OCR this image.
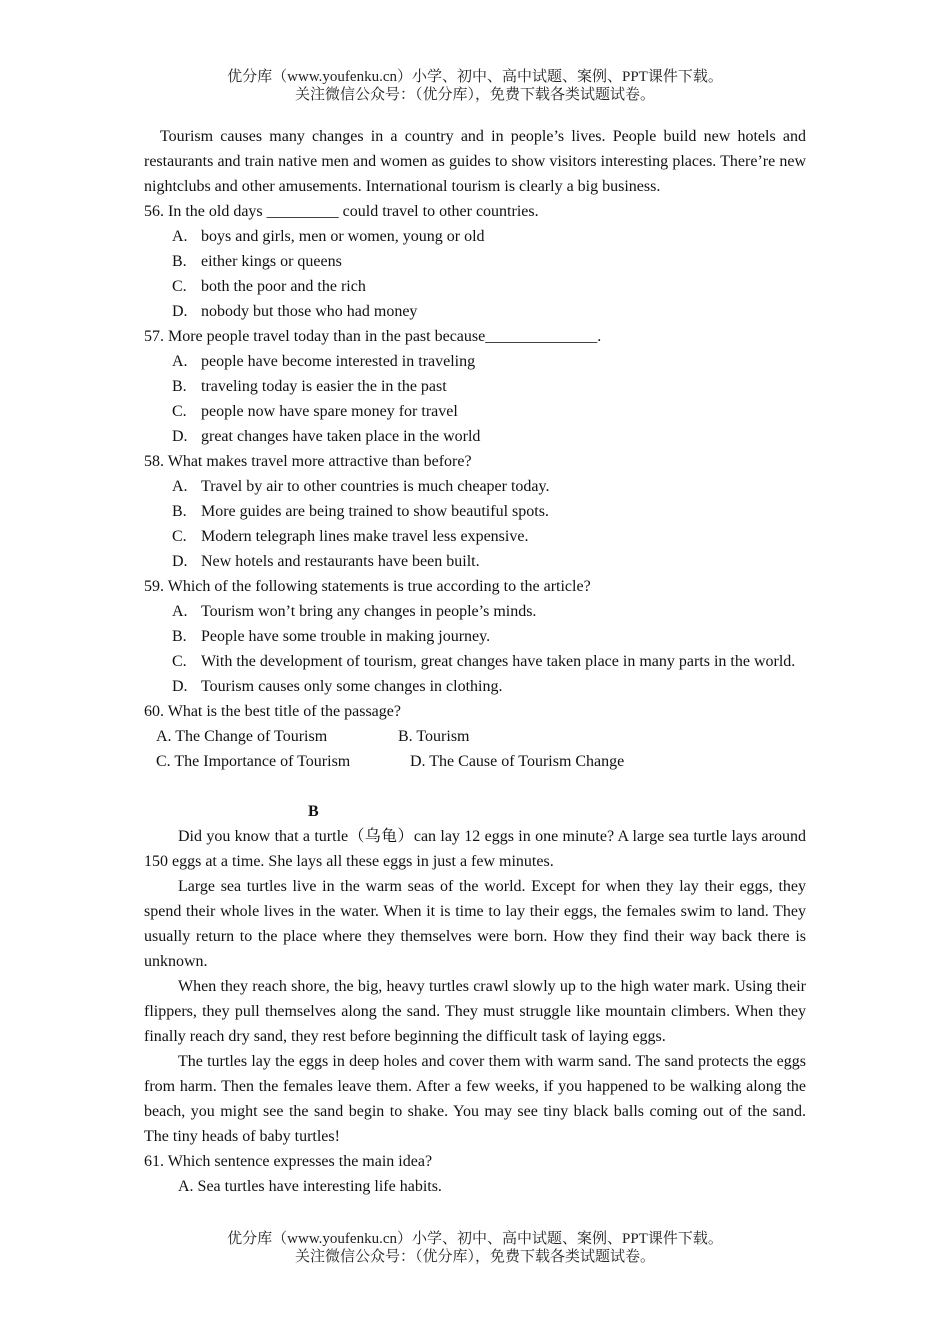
优分库（www.youfenku.cn）小学、初中、高中试题、案例、PPT课件下载。
关注微信公众号：（优分库），免费下载各类试题试卷。

Tourism causes many changes in a country and in people’s lives. People build new hotels and restaurants and train native men and women as guides to show visitors interesting places. There’re new nightclubs and other amusements. International tourism is clearly a big business.

56. In the old days _________ could travel to other countries.

A. boys and girls, men or women, young or old
B. either kings or queens
C. both the poor and the rich
D. nobody but those who had money

57. More people travel today than in the past because______________.

A. people have become interested in traveling
B. traveling today is easier the in the past
C. people now have spare money for travel
D. great changes have taken place in the world

58. What makes travel more attractive than before?

A. Travel by air to other countries is much cheaper today.
B. More guides are being trained to show beautiful spots.
C. Modern telegraph lines make travel less expensive.
D. New hotels and restaurants have been built.

59. Which of the following statements is true according to the article?

A. Tourism won’t bring any changes in people’s minds.
B. People have some trouble in making journey.
C. With the development of tourism, great changes have taken place in many parts in the world.
D. Tourism causes only some changes in clothing.

60. What is the best title of the passage?

A. The Change of Tourism	B. Tourism
C. The Importance of Tourism	D. The Cause of Tourism Change

B

Did you know that a turtle（乌龟）can lay 12 eggs in one minute? A large sea turtle lays around 150 eggs at a time. She lays all these eggs in just a few minutes.

Large sea turtles live in the warm seas of the world. Except for when they lay their eggs, they spend their whole lives in the water. When it is time to lay their eggs, the females swim to land. They usually return to the place where they themselves were born. How they find their way back there is unknown.

When they reach shore, the big, heavy turtles crawl slowly up to the high water mark. Using their flippers, they pull themselves along the sand. They must struggle like mountain climbers. When they finally reach dry sand, they rest before beginning the difficult task of laying eggs.

The turtles lay the eggs in deep holes and cover them with warm sand. The sand protects the eggs from harm. Then the females leave them. After a few weeks, if you happened to be walking along the beach, you might see the sand begin to shake. You may see tiny black balls coming out of the sand. The tiny heads of baby turtles!

61. Which sentence expresses the main idea?

A. Sea turtles have interesting life habits.

优分库（www.youfenku.cn）小学、初中、高中试题、案例、PPT课件下载。
关注微信公众号：（优分库），免费下载各类试题试卷。
